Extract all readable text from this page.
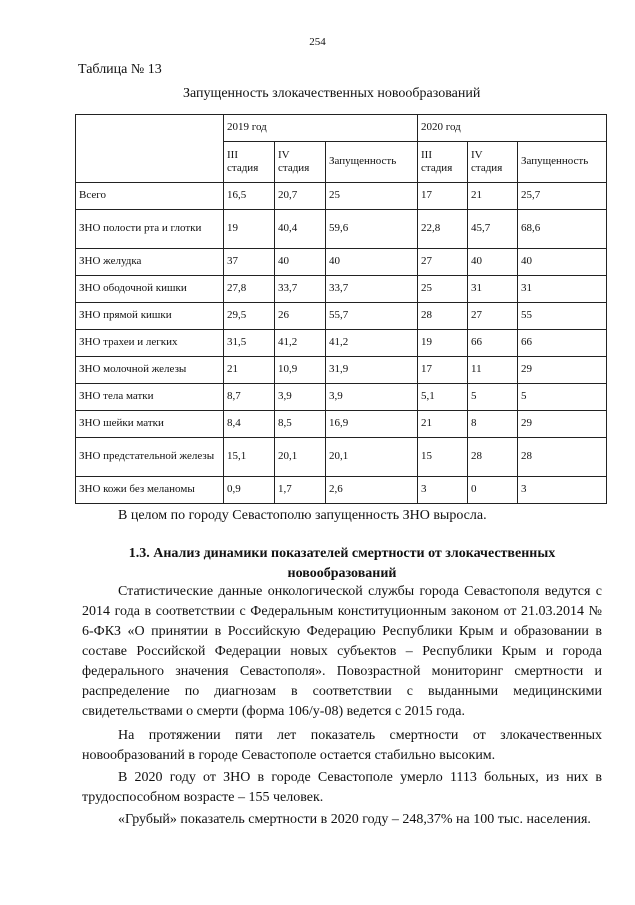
254
Таблица № 13
Запущенность злокачественных новообразований
	2019 год			2020 год		
	III стадия	IV стадия	Запущенность	III стадия	IV стадия	Запущенность
Всего	16,5	20,7	25	17	21	25,7
ЗНО полости рта и глотки	19	40,4	59,6	22,8	45,7	68,6
ЗНО желудка	37	40	40	27	40	40
ЗНО ободочной кишки	27,8	33,7	33,7	25	31	31
ЗНО прямой кишки	29,5	26	55,7	28	27	55
ЗНО трахеи и легких	31,5	41,2	41,2	19	66	66
ЗНО молочной железы	21	10,9	31,9	17	11	29
ЗНО тела матки	8,7	3,9	3,9	5,1	5	5
ЗНО шейки матки	8,4	8,5	16,9	21	8	29
ЗНО предстательной железы	15,1	20,1	20,1	15	28	28
ЗНО кожи без меланомы	0,9	1,7	2,6	3	0	3
В целом по городу Севастополю запущенность ЗНО выросла.
1.3. Анализ динамики показателей смертности от злокачественных новообразований

Статистические данные онкологической службы города Севастополя ведутся с 2014 года в соответствии с Федеральным конституционным законом от 21.03.2014 № 6-ФКЗ «О принятии в Российскую Федерацию Республики Крым и образовании в составе Российской Федерации новых субъектов – Республики Крым и города федерального значения Севастополя». Повозрастной мониторинг смертности и распределение по диагнозам в соответствии с выданными медицинскими свидетельствами о смерти (форма 106/у-08) ведется с 2015 года.

На протяжении пяти лет показатель смертности от злокачественных новообразований в городе Севастополе остается стабильно высоким.

В 2020 году от ЗНО в городе Севастополе умерло 1113 больных, из них в трудоспособном возрасте – 155 человек.

«Грубый» показатель смертности в 2020 году – 248,37% на 100 тыс. населения.
